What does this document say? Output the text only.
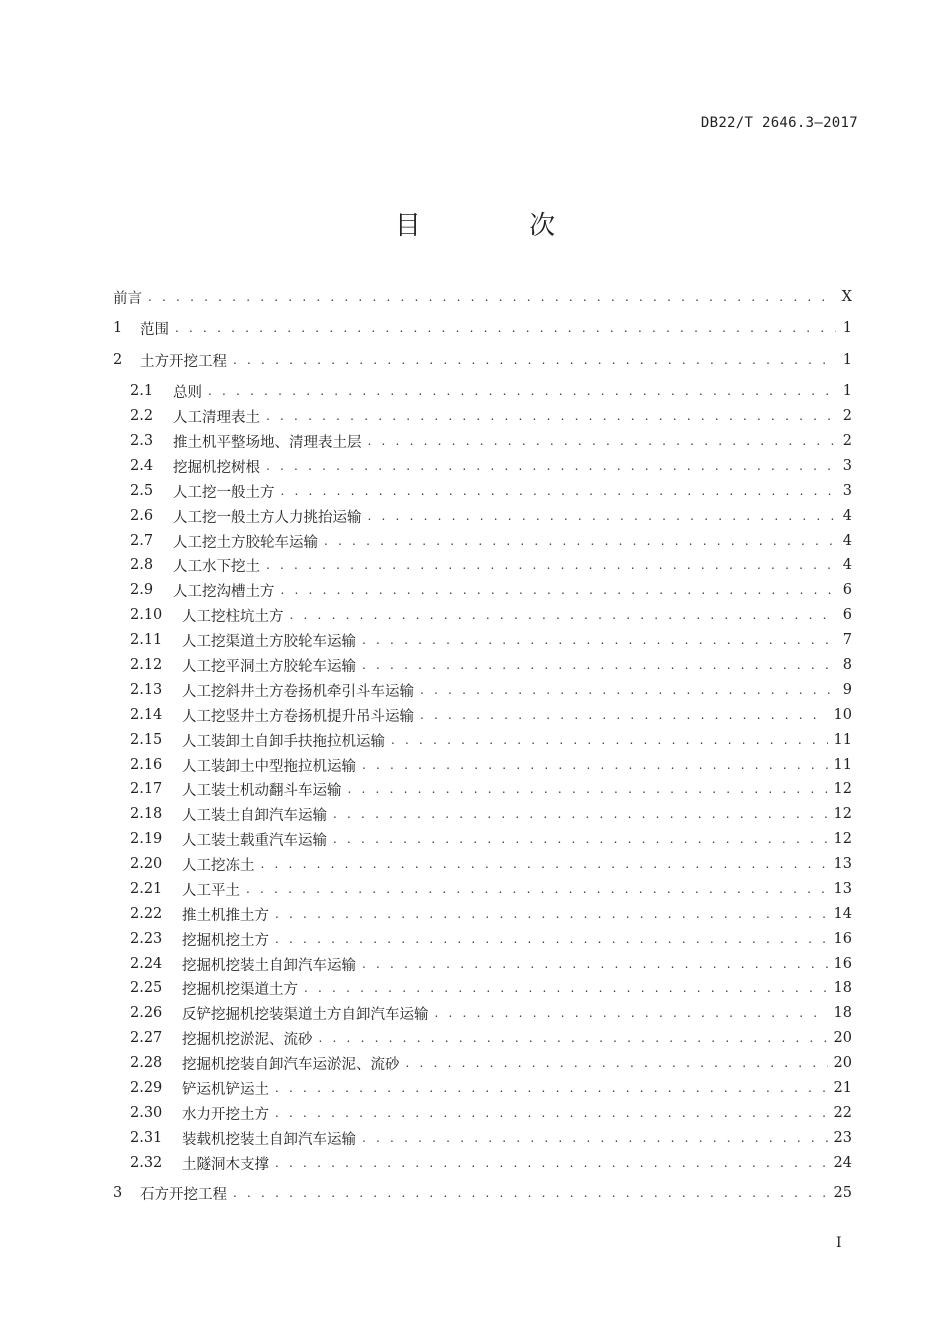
DB22/T 2646.3—2017
目 次
前言 . . .	X
1	范围 . . .	1
2	土方开挖工程 . . .	1
2.1	总则 . . .	1
2.2	人工清理表土 . . .	2
2.3	推土机平整场地、清理表土层 . . .	2
2.4	挖掘机挖树根 . . .	3
2.5	人工挖一般土方 . . .	3
2.6	人工挖一般土方人力挑抬运输 . . .	4
2.7	人工挖土方胶轮车运输 . . .	4
2.8	人工水下挖土 . . .	4
2.9	人工挖沟槽土方 . . .	6
2.10	人工挖柱坑土方 . . .	6
2.11	人工挖渠道土方胶轮车运输 . . .	7
2.12	人工挖平洞土方胶轮车运输 . . .	8
2.13	人工挖斜井土方卷扬机牵引斗车运输 . . .	9
2.14	人工挖竖井土方卷扬机提升吊斗运输 . . .	10
2.15	人工装卸土自卸手扶拖拉机运输 . . .	11
2.16	人工装卸土中型拖拉机运输 . . .	11
2.17	人工装土机动翻斗车运输 . . .	12
2.18	人工装土自卸汽车运输 . . .	12
2.19	人工装土载重汽车运输 . . .	12
2.20	人工挖冻土 . . .	13
2.21	人工平土 . . .	13
2.22	推土机推土方 . . .	14
2.23	挖掘机挖土方 . . .	16
2.24	挖掘机挖装土自卸汽车运输 . . .	16
2.25	挖掘机挖渠道土方 . . .	18
2.26	反铲挖掘机挖装渠道土方自卸汽车运输 . . .	18
2.27	挖掘机挖淤泥、流砂 . . .	20
2.28	挖掘机挖装自卸汽车运淤泥、流砂 . . .	20
2.29	铲运机铲运土 . . .	21
2.30	水力开挖土方 . . .	22
2.31	装载机挖装土自卸汽车运输 . . .	23
2.32	土隧洞木支撑 . . .	24
3	石方开挖工程 . . .	25
I
